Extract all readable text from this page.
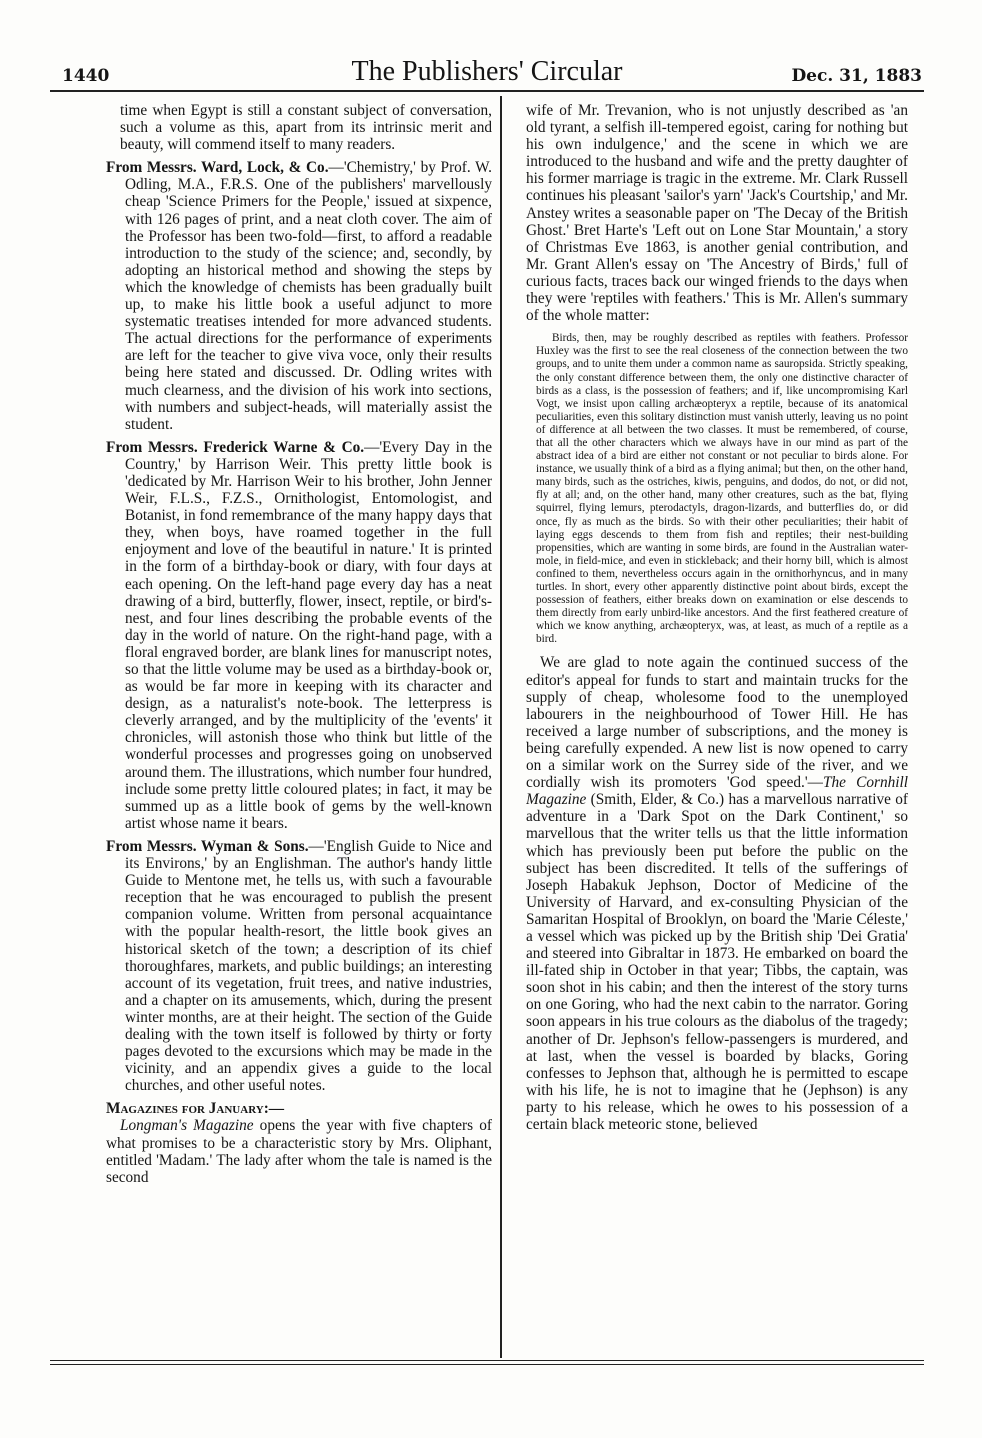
1440	The Publishers' Circular	Dec. 31, 1883

time when Egypt is still a constant subject of conversation, such a volume as this, apart from its intrinsic merit and beauty, will commend itself to many readers.

From Messrs. Ward, Lock, & Co.—'Chemistry,' by Prof. W. Odling, M.A., F.R.S. One of the publishers' marvellously cheap 'Science Primers for the People,' issued at sixpence, with 126 pages of print, and a neat cloth cover. The aim of the Professor has been two-fold—first, to afford a readable introduction to the study of the science; and, secondly, by adopting an historical method and showing the steps by which the knowledge of chemists has been gradually built up, to make his little book a useful adjunct to more systematic treatises intended for more advanced students. The actual directions for the performance of experiments are left for the teacher to give viva voce, only their results being here stated and discussed. Dr. Odling writes with much clearness, and the division of his work into sections, with numbers and subject-heads, will materially assist the student.

From Messrs. Frederick Warne & Co.—'Every Day in the Country,' by Harrison Weir. This pretty little book is 'dedicated by Mr. Harrison Weir to his brother, John Jenner Weir, F.L.S., F.Z.S., Ornithologist, Entomologist, and Botanist, in fond remembrance of the many happy days that they, when boys, have roamed together in the full enjoyment and love of the beautiful in nature.' It is printed in the form of a birthday-book or diary, with four days at each opening. On the left-hand page every day has a neat drawing of a bird, butterfly, flower, insect, reptile, or bird's-nest, and four lines describing the probable events of the day in the world of nature. On the right-hand page, with a floral engraved border, are blank lines for manuscript notes, so that the little volume may be used as a birthday-book or, as would be far more in keeping with its character and design, as a naturalist's note-book. The letterpress is cleverly arranged, and by the multiplicity of the 'events' it chronicles, will astonish those who think but little of the wonderful processes and progresses going on unobserved around them. The illustrations, which number four hundred, include some pretty little coloured plates; in fact, it may be summed up as a little book of gems by the well-known artist whose name it bears.

From Messrs. Wyman & Sons.—'English Guide to Nice and its Environs,' by an Englishman. The author's handy little Guide to Mentone met, he tells us, with such a favourable reception that he was encouraged to publish the present companion volume. Written from personal acquaintance with the popular health-resort, the little book gives an historical sketch of the town; a description of its chief thoroughfares, markets, and public buildings; an interesting account of its vegetation, fruit trees, and native industries, and a chapter on its amusements, which, during the present winter months, are at their height. The section of the Guide dealing with the town itself is followed by thirty or forty pages devoted to the excursions which may be made in the vicinity, and an appendix gives a guide to the local churches, and other useful notes.

Magazines for January:—

Longman's Magazine opens the year with five chapters of what promises to be a characteristic story by Mrs. Oliphant, entitled 'Madam.' The lady after whom the tale is named is the second

wife of Mr. Trevanion, who is not unjustly described as 'an old tyrant, a selfish ill-tempered egoist, caring for nothing but his own indulgence,' and the scene in which we are introduced to the husband and wife and the pretty daughter of his former marriage is tragic in the extreme. Mr. Clark Russell continues his pleasant 'sailor's yarn' 'Jack's Courtship,' and Mr. Anstey writes a seasonable paper on 'The Decay of the British Ghost.' Bret Harte's 'Left out on Lone Star Mountain,' a story of Christmas Eve 1863, is another genial contribution, and Mr. Grant Allen's essay on 'The Ancestry of Birds,' full of curious facts, traces back our winged friends to the days when they were 'reptiles with feathers.' This is Mr. Allen's summary of the whole matter:

Birds, then, may be roughly described as reptiles with feathers. Professor Huxley was the first to see the real closeness of the connection between the two groups, and to unite them under a common name as sauropsida. Strictly speaking, the only constant difference between them, the only one distinctive character of birds as a class, is the possession of feathers; and if, like uncompromising Karl Vogt, we insist upon calling archæopteryx a reptile, because of its anatomical peculiarities, even this solitary distinction must vanish utterly, leaving us no point of difference at all between the two classes. It must be remembered, of course, that all the other characters which we always have in our mind as part of the abstract idea of a bird are either not constant or not peculiar to birds alone. For instance, we usually think of a bird as a flying animal; but then, on the other hand, many birds, such as the ostriches, kiwis, penguins, and dodos, do not, or did not, fly at all; and, on the other hand, many other creatures, such as the bat, flying squirrel, flying lemurs, pterodactyls, dragon-lizards, and butterflies do, or did once, fly as much as the birds. So with their other peculiarities; their habit of laying eggs descends to them from fish and reptiles; their nest-building propensities, which are wanting in some birds, are found in the Australian water-mole, in field-mice, and even in stickleback; and their horny bill, which is almost confined to them, nevertheless occurs again in the ornithorhyncus, and in many turtles. In short, every other apparently distinctive point about birds, except the possession of feathers, either breaks down on examination or else descends to them directly from early unbird-like ancestors. And the first feathered creature of which we know anything, archæopteryx, was, at least, as much of a reptile as a bird.

We are glad to note again the continued success of the editor's appeal for funds to start and maintain trucks for the supply of cheap, wholesome food to the unemployed labourers in the neighbourhood of Tower Hill. He has received a large number of subscriptions, and the money is being carefully expended. A new list is now opened to carry on a similar work on the Surrey side of the river, and we cordially wish its promoters 'God speed.'—The Cornhill Magazine (Smith, Elder, & Co.) has a marvellous narrative of adventure in a 'Dark Spot on the Dark Continent,' so marvellous that the writer tells us that the little information which has previously been put before the public on the subject has been discredited. It tells of the sufferings of Joseph Habakuk Jephson, Doctor of Medicine of the University of Harvard, and ex-consulting Physician of the Samaritan Hospital of Brooklyn, on board the 'Marie Céleste,' a vessel which was picked up by the British ship 'Dei Gratia' and steered into Gibraltar in 1873. He embarked on board the ill-fated ship in October in that year; Tibbs, the captain, was soon shot in his cabin; and then the interest of the story turns on one Goring, who had the next cabin to the narrator. Goring soon appears in his true colours as the diabolus of the tragedy; another of Dr. Jephson's fellow-passengers is murdered, and at last, when the vessel is boarded by blacks, Goring confesses to Jephson that, although he is permitted to escape with his life, he is not to imagine that he (Jephson) is any party to his release, which he owes to his possession of a certain black meteoric stone, believed
